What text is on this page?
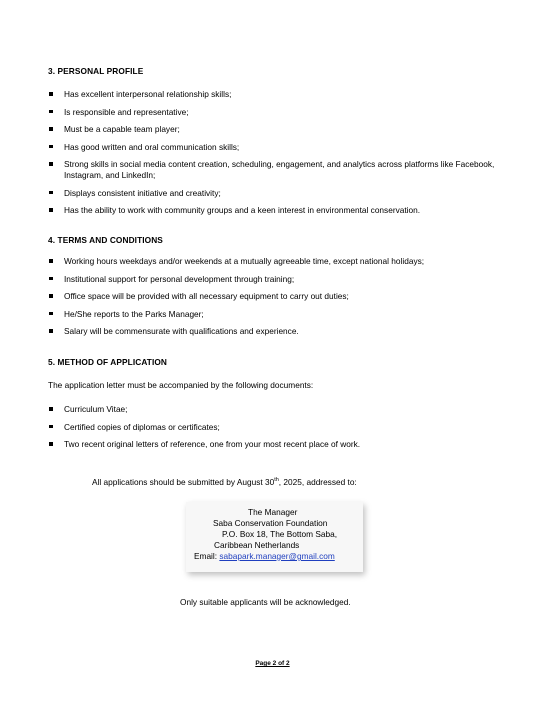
3. PERSONAL PROFILE
Has excellent interpersonal relationship skills;
Is responsible and representative;
Must be a capable team player;
Has good written and oral communication skills;
Strong skills in social media content creation, scheduling, engagement, and analytics across platforms like Facebook, Instagram, and LinkedIn;
Displays consistent initiative and creativity;
Has the ability to work with community groups and a keen interest in environmental conservation.
4. TERMS AND CONDITIONS
Working hours weekdays and/or weekends at a mutually agreeable time, except national holidays;
Institutional support for personal development through training;
Office space will be provided with all necessary equipment to carry out duties;
He/She reports to the Parks Manager;
Salary will be commensurate with qualifications and experience.
5. METHOD OF APPLICATION
The application letter must be accompanied by the following documents:
Curriculum Vitae;
Certified copies of diplomas or certificates;
Two recent original letters of reference, one from your most recent place of work.
All applications should be submitted by August 30th, 2025, addressed to:
The Manager
Saba Conservation Foundation
P.O. Box 18, The Bottom Saba,
Caribbean Netherlands
Email: sabapark.manager@gmail.com
Only suitable applicants will be acknowledged.
Page 2 of 2
